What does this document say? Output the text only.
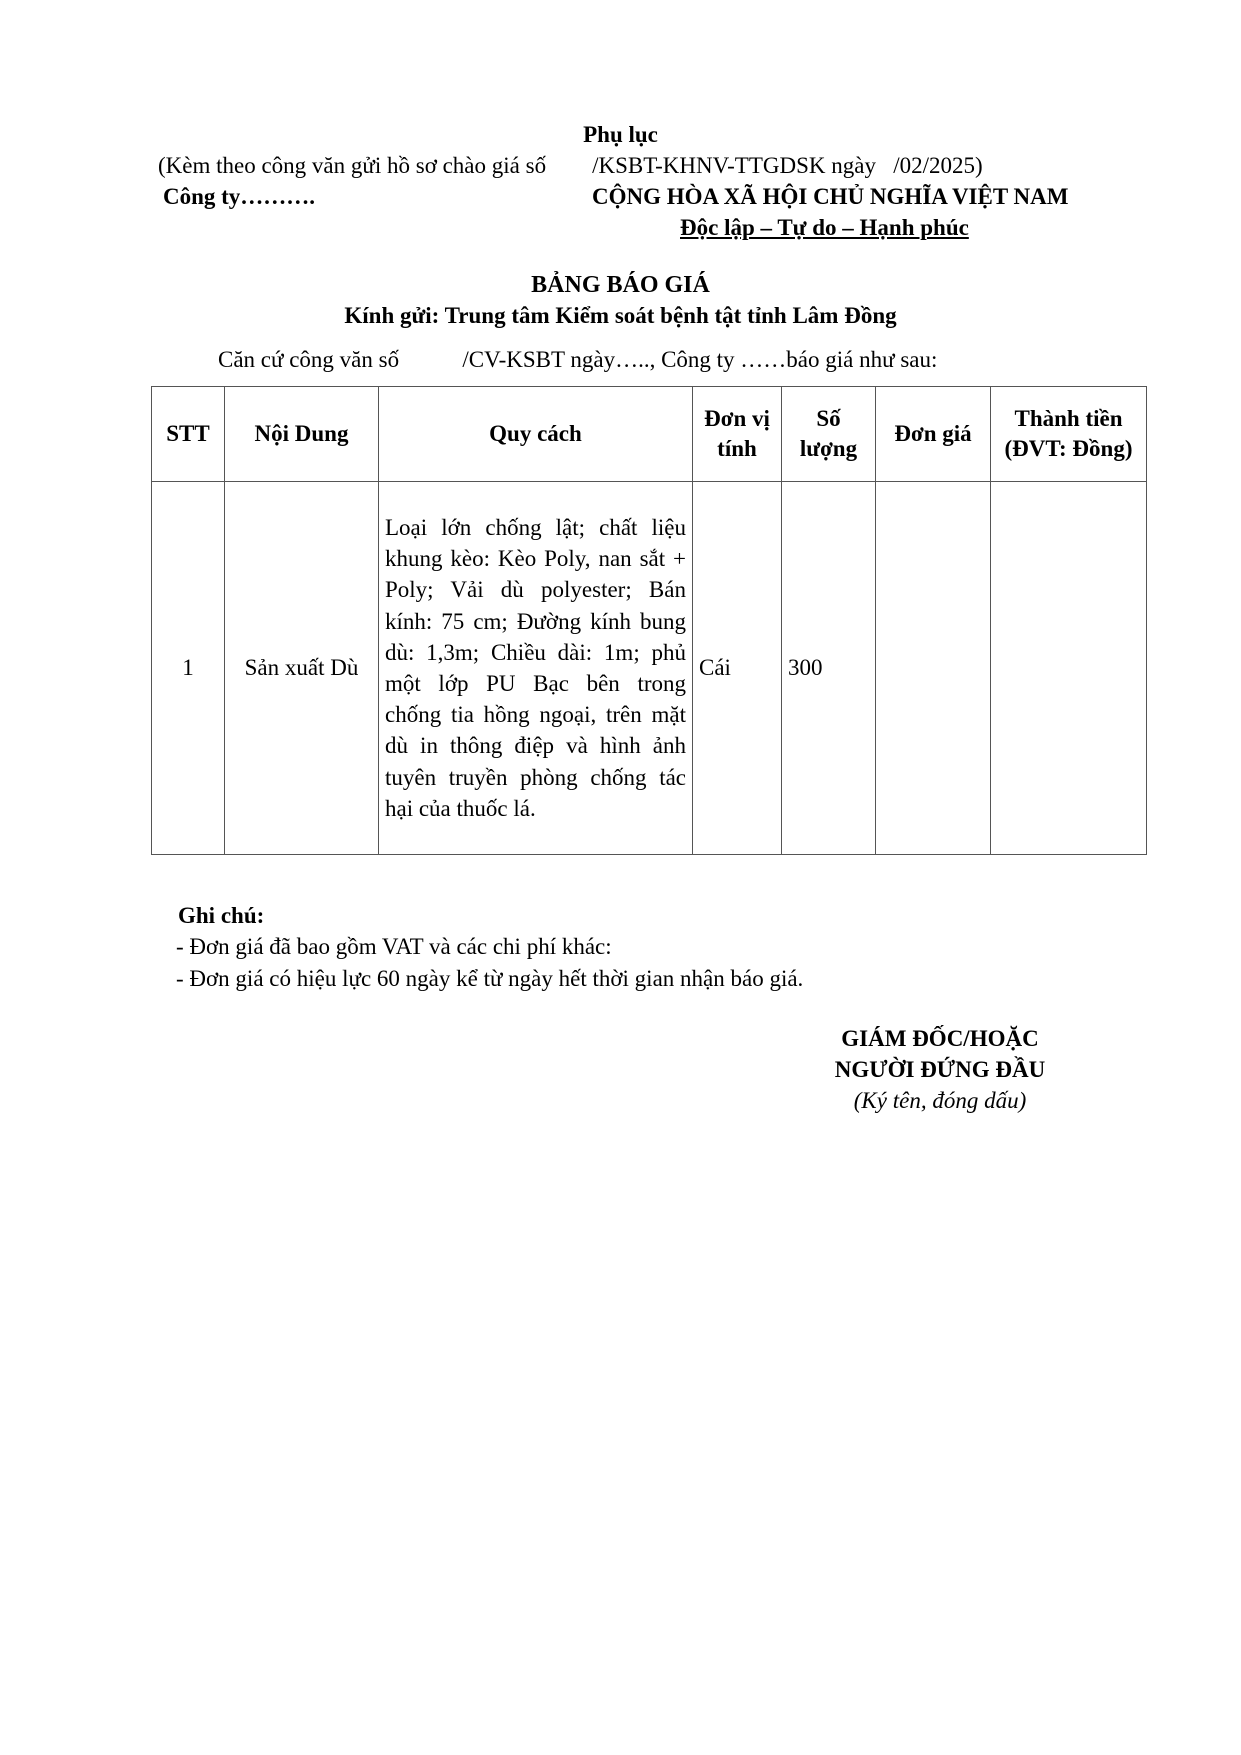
Phụ lục
(Kèm theo công văn gửi hồ sơ chào giá số        /KSBT-KHNV-TTGDSK ngày   /02/2025)
Công ty……….	CỘNG HÒA XÃ HỘI CHỦ NGHĨA VIỆT NAM
Độc lập – Tự do – Hạnh phúc
BẢNG BÁO GIÁ
Kính gửi: Trung tâm Kiểm soát bệnh tật tỉnh Lâm Đồng
Căn cứ công văn số           /CV-KSBT ngày….., Công ty ……báo giá như sau:
STT	Nội Dung	Quy cách	Đơn vị tính	Số lượng	Đơn giá	Thành tiền (ĐVT: Đồng)
1	Sản xuất Dù	Loại lớn chống lật; chất liệu khung kèo: Kèo Poly, nan sắt + Poly; Vải dù polyester; Bán kính: 75 cm; Đường kính bung dù: 1,3m; Chiều dài: 1m; phủ một lớp PU Bạc bên trong chống tia hồng ngoại, trên mặt dù in thông điệp và hình ảnh tuyên truyền phòng chống tác hại của thuốc lá.	Cái	300		
Ghi chú:
- Đơn giá đã bao gồm VAT và các chi phí khác:
- Đơn giá có hiệu lực 60 ngày kể từ ngày hết thời gian nhận báo giá.
GIÁM ĐỐC/HOẶC
NGƯỜI ĐỨNG ĐẦU
(Ký tên, đóng dấu)
